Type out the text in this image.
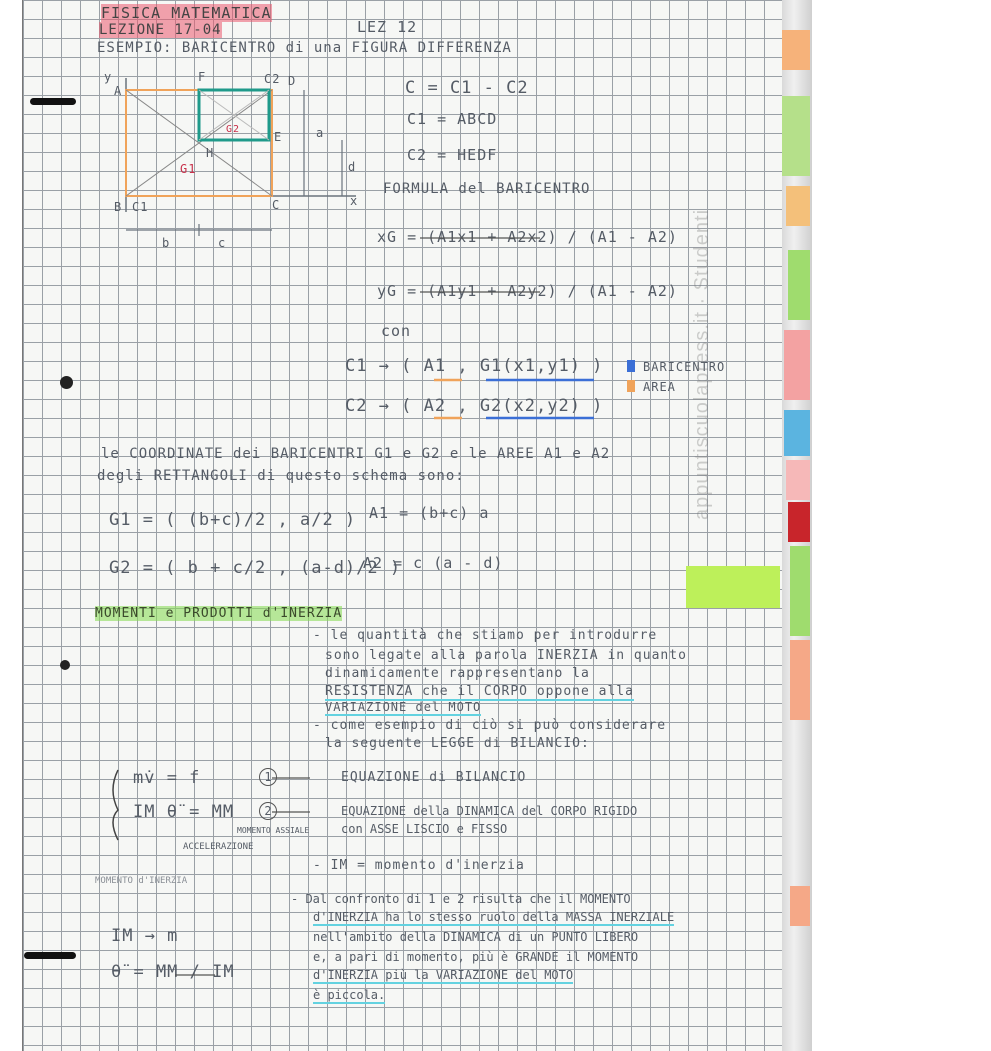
FISICA MATEMATICA
LEZIONE 17-04	LEZ 12
ESEMPIO: BARICENTRO di una FIGURA DIFFERENZA
C = C1 - C2
C1 = ABCD
C2 = HEDF
FORMULA del BARICENTRO
xG = (A1x1 + A2x2) / (A1 - A2)
yG = (A1y1 + A2y2) / (A1 - A2)
con
C1 → ( A1 , G1(x1,y1) )
C2 → ( A2 , G2(x2,y2) )
BARICENTRO
AREA
le COORDINATE dei BARICENTRI G1 e G2 e le AREE A1 e A2
degli RETTANGOLI di questo schema sono:
G1 = ( (b+c)/2 , a/2 ) A1 = (b+c) a
G2 = ( b + c/2 , (a-d)/2 )
A2 = c (a - d)
MOMENTI e PRODOTTI d'INERZIA
- le quantità che stiamo per introdurre
sono legate alla parola INERZIA in quanto
dinamicamente rappresentano la
RESISTENZA che il CORPO oppone alla
VARIAZIONE del MOTO
- come esempio di ciò si può considerare
la seguente LEGGE di BILANCIO:
mv̇ = f	1	EQUAZIONE di BILANCIO
IM θ̈ = MM	2	EQUAZIONE della DINAMICA del CORPO RIGIDO
con ASSE LISCIO e FISSO
MOMENTO ASSIALE
ACCELERAZIONE
MOMENTO d'INERZIA
- IM = momento d'inerzia
- Dal confronto di 1 e 2 risulta che il MOMENTO
d'INERZIA ha lo stesso ruolo della MASSA INERZIALE
nell'ambito della DINAMICA di un PUNTO LIBERO
e, a pari di momento, più è GRANDE il MOMENTO
d'INERZIA più la VARIAZIONE del MOTO
è piccola.
IM → m
θ̈ = MM / IM
appuntiscuolapress.it · Studenti
A
F	C2 D
E
H
B C1	C
G1
G2	a
d
b	c
y
x
